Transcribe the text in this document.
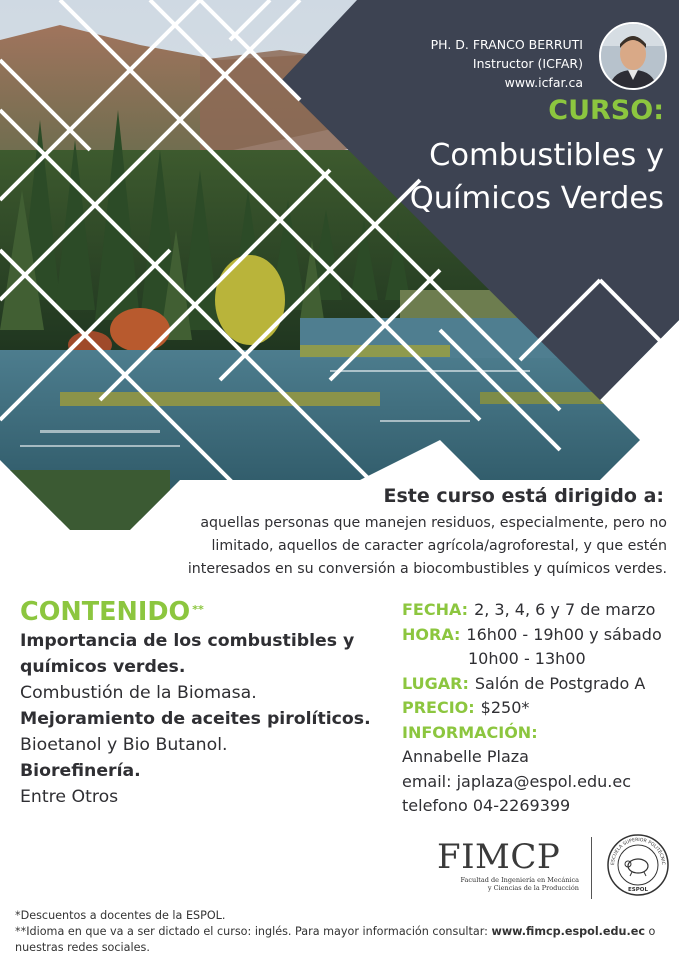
PH. D. FRANCO BERRUTI
Instructor (ICFAR)
www.icfar.ca
CURSO:
Combustibles y
Químicos Verdes
Este curso está dirigido a:
aquellas personas que manejen residuos, especialmente, pero no limitado, aquellos de caracter agrícola/agroforestal, y que estén interesados en su conversión a biocombustibles y químicos verdes.
CONTENIDO **
Importancia de los combustibles y químicos verdes.
Combustión de la Biomasa.
Mejoramiento de aceites pirolíticos.
Bioetanol y Bio Butanol.
Biorefinería.
Entre Otros
FECHA: 2, 3, 4, 6 y 7 de marzo
HORA: 16h00 - 19h00 y sábado
10h00 - 13h00
LUGAR: Salón de Postgrado A
PRECIO: $250*
INFORMACIÓN:
Annabelle Plaza
email: japlaza@espol.edu.ec
telefono 04-2269399
FIMCP
Facultad de Ingeniería en Mecánica
y Ciencias de la Producción
ESCUELA SUPERIOR POLITÉCNIC
ESPOL
*Descuentos a docentes de la ESPOL.
**Idioma en que va a ser dictado el curso: inglés. Para mayor información consultar: www.fimcp.espol.edu.ec o nuestras redes sociales.
